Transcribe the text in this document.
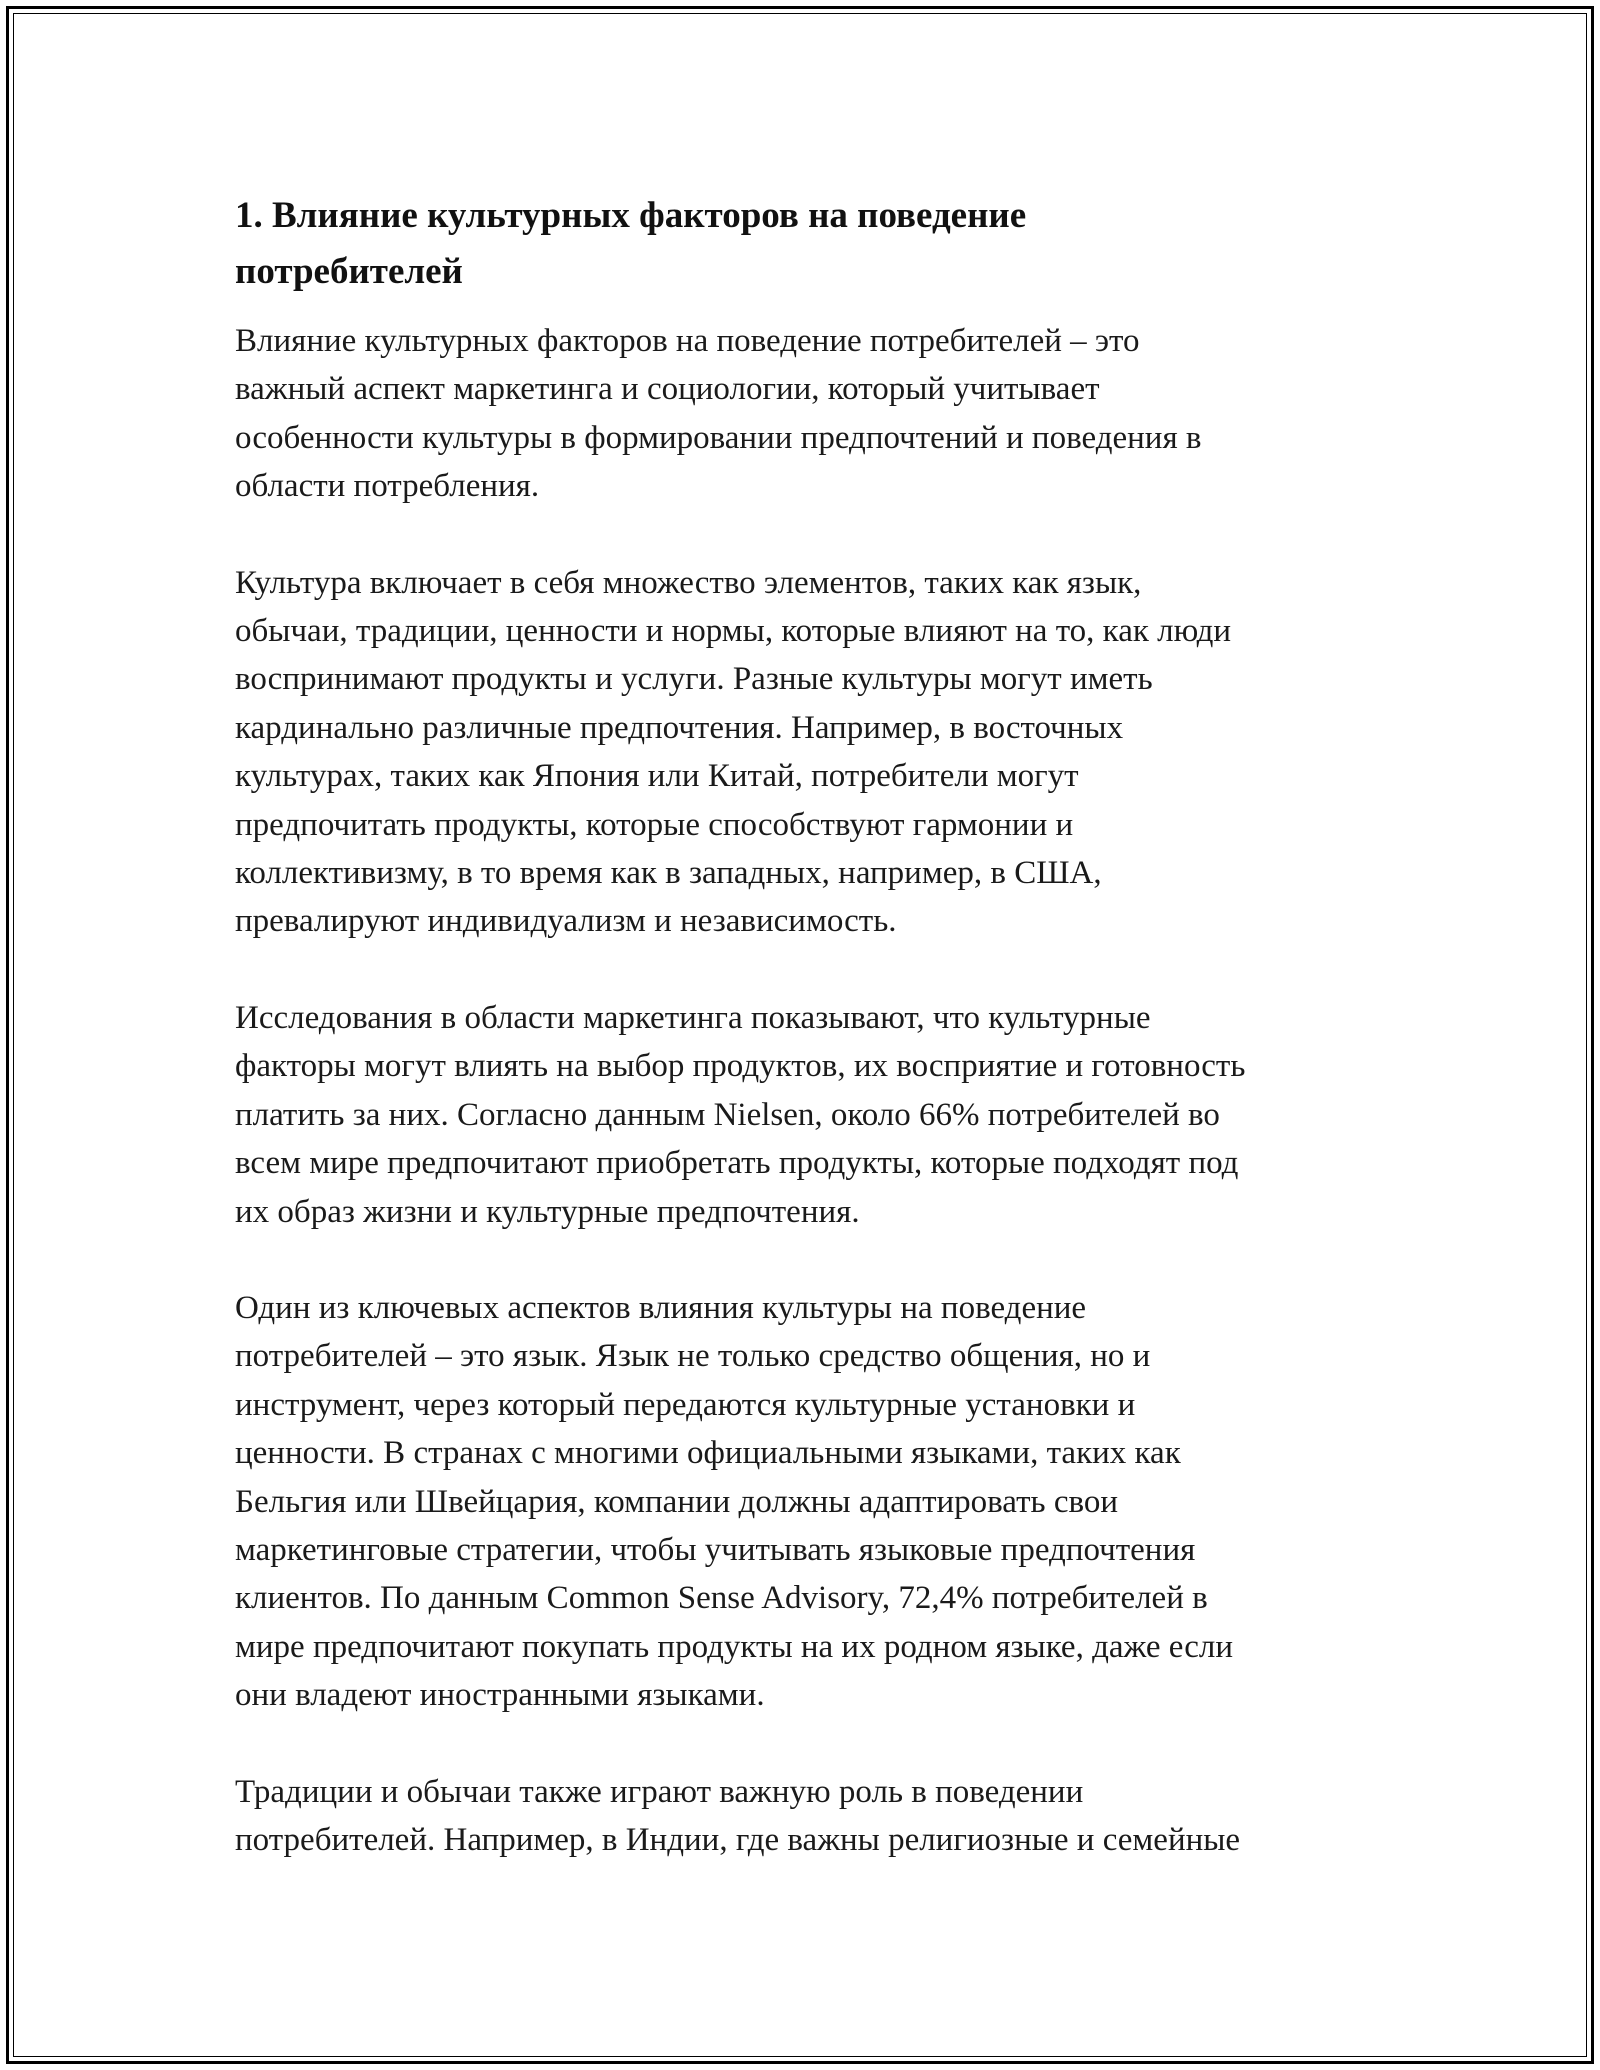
1. Влияние культурных факторов на поведение
потребителей

Влияние культурных факторов на поведение потребителей – это
важный аспект маркетинга и социологии, который учитывает
особенности культуры в формировании предпочтений и поведения в
области потребления.

Культура включает в себя множество элементов, таких как язык,
обычаи, традиции, ценности и нормы, которые влияют на то, как люди
воспринимают продукты и услуги. Разные культуры могут иметь
кардинально различные предпочтения. Например, в восточных
культурах, таких как Япония или Китай, потребители могут
предпочитать продукты, которые способствуют гармонии и
коллективизму, в то время как в западных, например, в США,
превалируют индивидуализм и независимость.

Исследования в области маркетинга показывают, что культурные
факторы могут влиять на выбор продуктов, их восприятие и готовность
платить за них. Согласно данным Nielsen, около 66% потребителей во
всем мире предпочитают приобретать продукты, которые подходят под
их образ жизни и культурные предпочтения.

Один из ключевых аспектов влияния культуры на поведение
потребителей – это язык. Язык не только средство общения, но и
инструмент, через который передаются культурные установки и
ценности. В странах с многими официальными языками, таких как
Бельгия или Швейцария, компании должны адаптировать свои
маркетинговые стратегии, чтобы учитывать языковые предпочтения
клиентов. По данным Common Sense Advisory, 72,4% потребителей в
мире предпочитают покупать продукты на их родном языке, даже если
они владеют иностранными языками.

Традиции и обычаи также играют важную роль в поведении
потребителей. Например, в Индии, где важны религиозные и семейные
